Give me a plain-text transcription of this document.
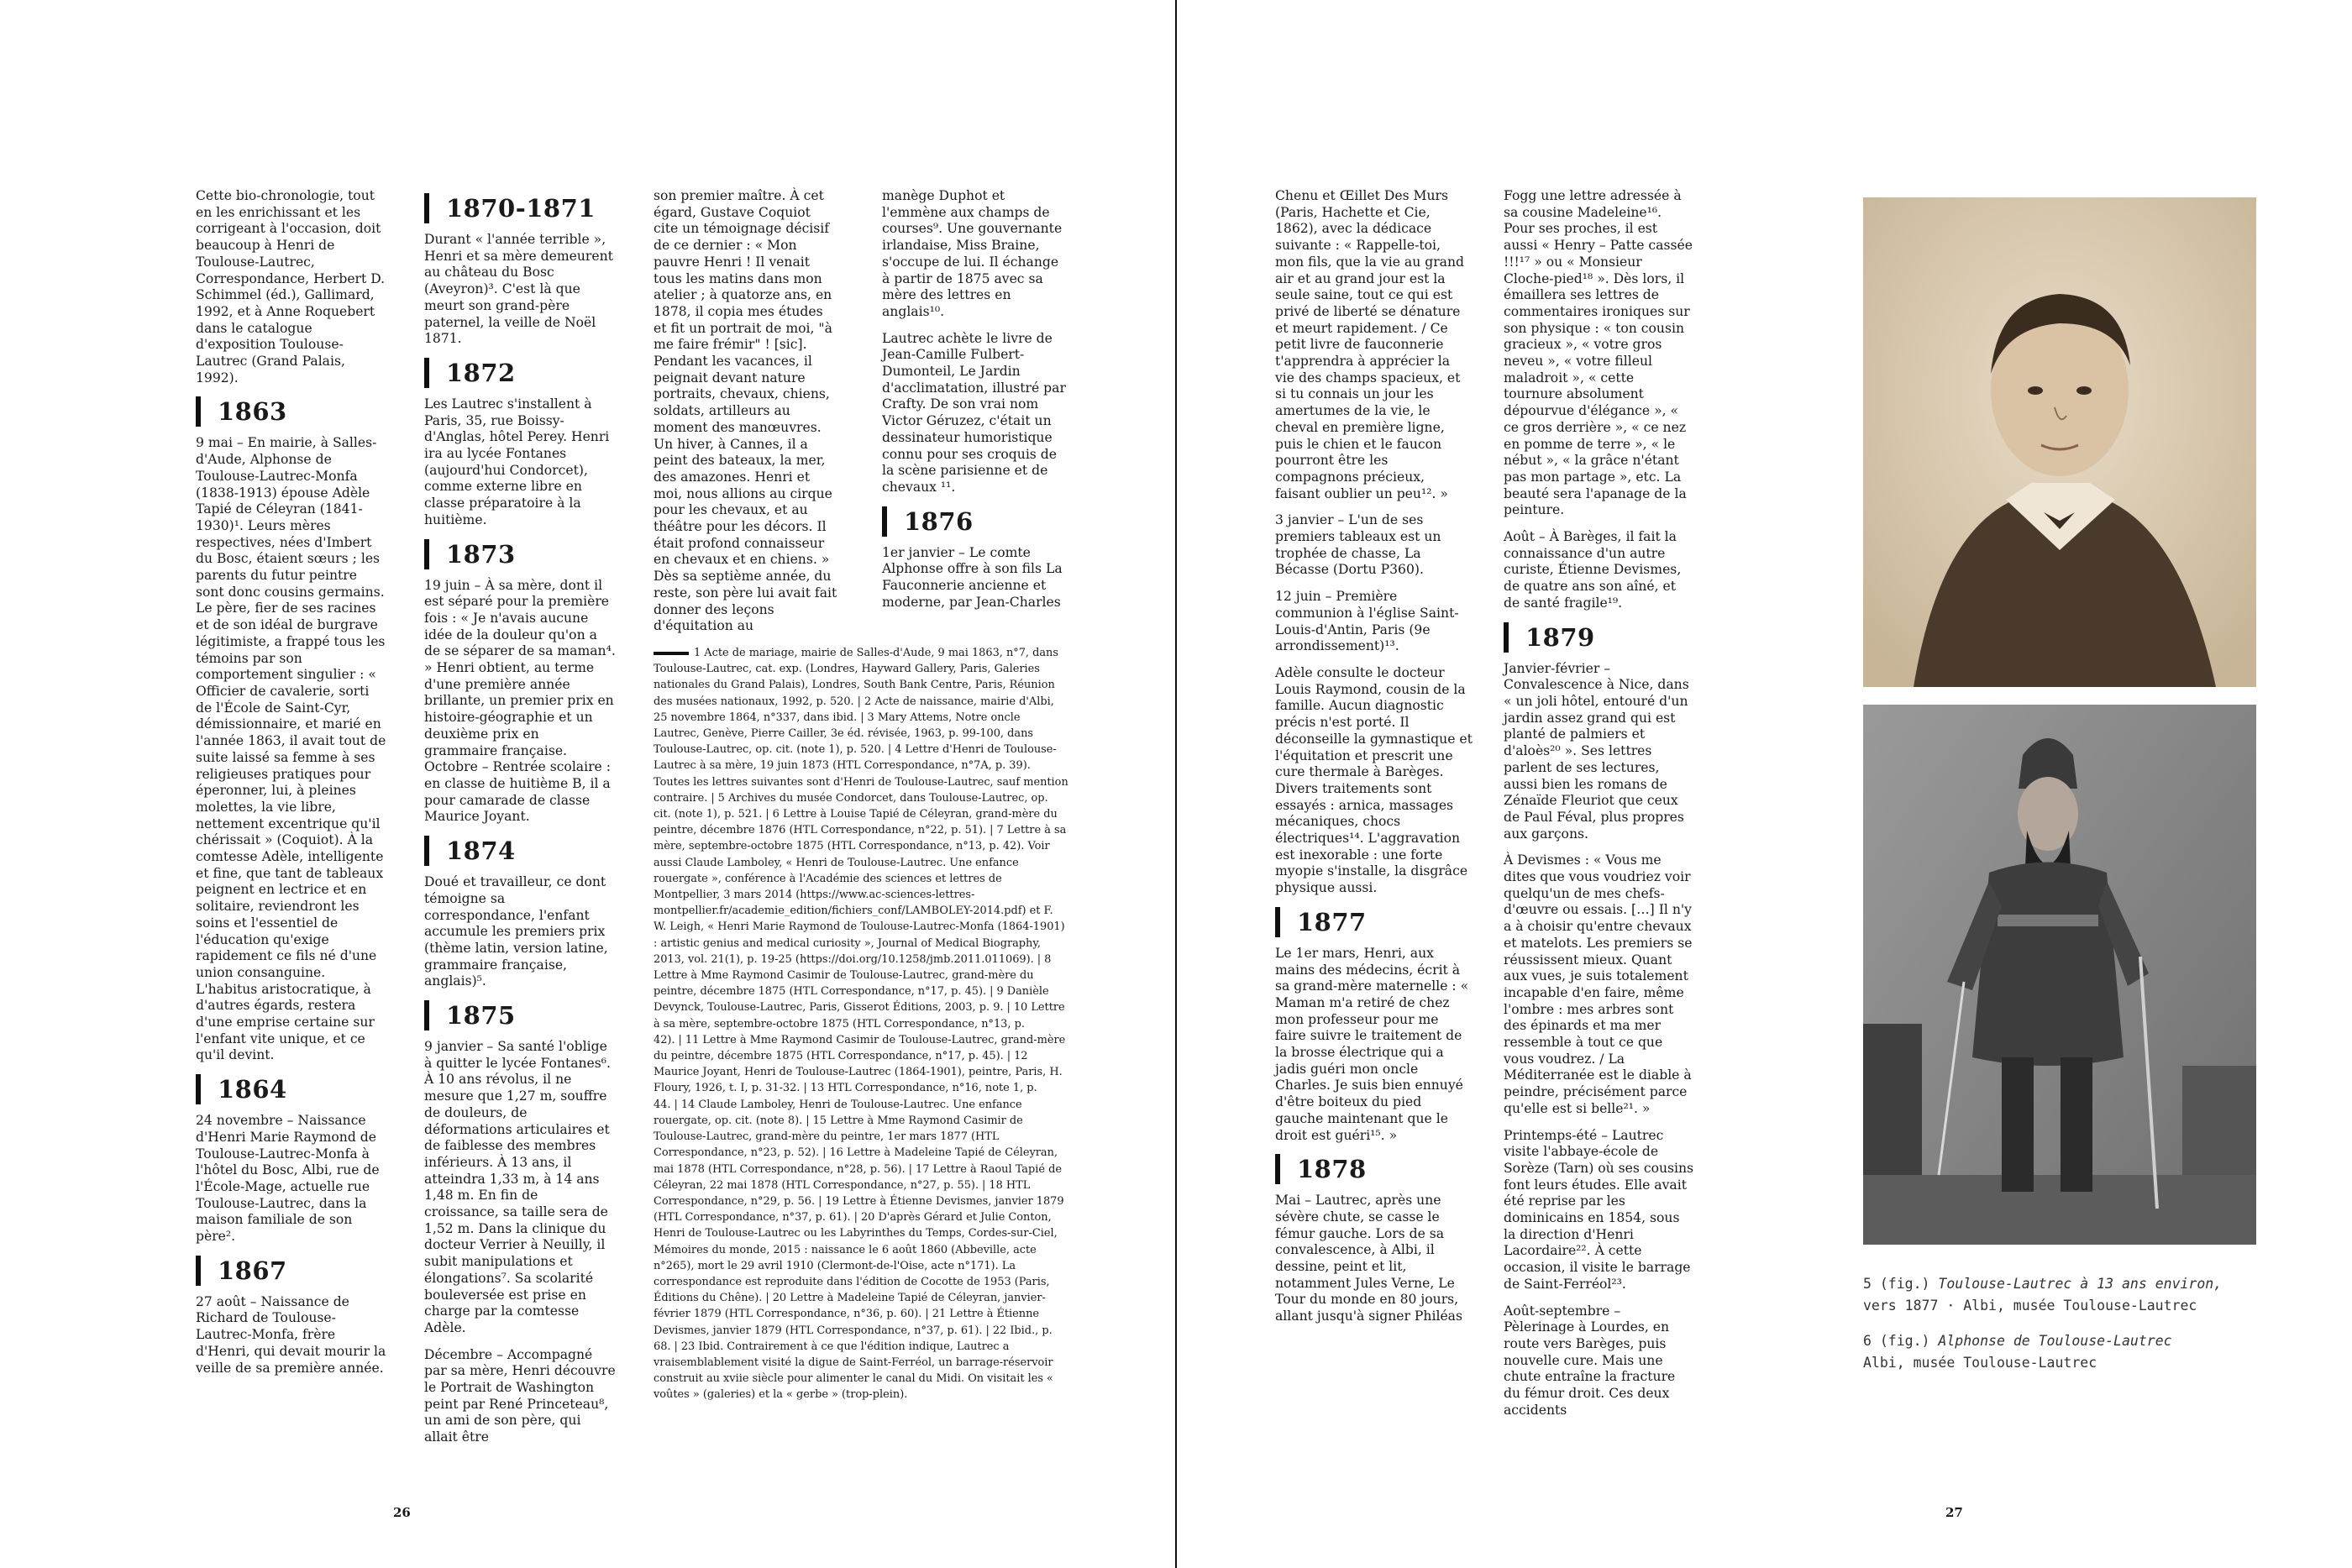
Cette bio-chronologie, tout en les enrichissant et les corrigeant à l'occasion, doit beaucoup à Henri de Toulouse-Lautrec, Correspondance, Herbert D. Schimmel (éd.), Gallimard, 1992, et à Anne Roquebert dans le catalogue d'exposition Toulouse-Lautrec (Grand Palais, 1992).

1863

9 mai – En mairie, à Salles-d'Aude, Alphonse de Toulouse-Lautrec-Monfa (1838-1913) épouse Adèle Tapié de Céleyran (1841-1930)¹. Leurs mères respectives, nées d'Imbert du Bosc, étaient sœurs ; les parents du futur peintre sont donc cousins germains. Le père, fier de ses racines et de son idéal de burgrave légitimiste, a frappé tous les témoins par son comportement singulier : « Officier de cavalerie, sorti de l'École de Saint-Cyr, démissionnaire, et marié en l'année 1863, il avait tout de suite laissé sa femme à ses religieuses pratiques pour éperonner, lui, à pleines molettes, la vie libre, nettement excentrique qu'il chérissait » (Coquiot). À la comtesse Adèle, intelligente et fine, que tant de tableaux peignent en lectrice et en solitaire, reviendront les soins et l'essentiel de l'éducation qu'exige rapidement ce fils né d'une union consanguine. L'habitus aristocratique, à d'autres égards, restera d'une emprise certaine sur l'enfant vite unique, et ce qu'il devint.

1864

24 novembre – Naissance d'Henri Marie Raymond de Toulouse-Lautrec-Monfa à l'hôtel du Bosc, Albi, rue de l'École-Mage, actuelle rue Toulouse-Lautrec, dans la maison familiale de son père².

1867

27 août – Naissance de Richard de Toulouse-Lautrec-Monfa, frère d'Henri, qui devait mourir la veille de sa première année.

1870-1871

Durant « l'année terrible », Henri et sa mère demeurent au château du Bosc (Aveyron)³. C'est là que meurt son grand-père paternel, la veille de Noël 1871.

1872

Les Lautrec s'installent à Paris, 35, rue Boissy-d'Anglas, hôtel Perey. Henri ira au lycée Fontanes (aujourd'hui Condorcet), comme externe libre en classe préparatoire à la huitième.

1873

19 juin – À sa mère, dont il est séparé pour la première fois : « Je n'avais aucune idée de la douleur qu'on a de se séparer de sa maman⁴. » Henri obtient, au terme d'une première année brillante, un premier prix en histoire-géographie et un deuxième prix en grammaire française. Octobre – Rentrée scolaire : en classe de huitième B, il a pour camarade de classe Maurice Joyant.

1874

Doué et travailleur, ce dont témoigne sa correspondance, l'enfant accumule les premiers prix (thème latin, version latine, grammaire française, anglais)⁵.

1875

9 janvier – Sa santé l'oblige à quitter le lycée Fontanes⁶. À 10 ans révolus, il ne mesure que 1,27 m, souffre de douleurs, de déformations articulaires et de faiblesse des membres inférieurs. À 13 ans, il atteindra 1,33 m, à 14 ans 1,48 m. En fin de croissance, sa taille sera de 1,52 m. Dans la clinique du docteur Verrier à Neuilly, il subit manipulations et élongations⁷. Sa scolarité bouleversée est prise en charge par la comtesse Adèle.

Décembre – Accompagné par sa mère, Henri découvre le Portrait de Washington peint par René Princeteau⁸, un ami de son père, qui allait être

son premier maître. À cet égard, Gustave Coquiot cite un témoignage décisif de ce dernier : « Mon pauvre Henri ! Il venait tous les matins dans mon atelier ; à quatorze ans, en 1878, il copia mes études et fit un portrait de moi, "à me faire frémir" ! [sic]. Pendant les vacances, il peignait devant nature portraits, chevaux, chiens, soldats, artilleurs au moment des manœuvres. Un hiver, à Cannes, il a peint des bateaux, la mer, des amazones. Henri et moi, nous allions au cirque pour les chevaux, et au théâtre pour les décors. Il était profond connaisseur en chevaux et en chiens. » Dès sa septième année, du reste, son père lui avait fait donner des leçons d'équitation au

manège Duphot et l'emmène aux champs de courses⁹. Une gouvernante irlandaise, Miss Braine, s'occupe de lui. Il échange à partir de 1875 avec sa mère des lettres en anglais¹⁰.

Lautrec achète le livre de Jean-Camille Fulbert-Dumonteil, Le Jardin d'acclimatation, illustré par Crafty. De son vrai nom Victor Géruzez, c'était un dessinateur humoristique connu pour ses croquis de la scène parisienne et de chevaux ¹¹.

1876

1er janvier – Le comte Alphonse offre à son fils La Fauconnerie ancienne et moderne, par Jean-Charles

1 Acte de mariage, mairie de Salles-d'Aude, 9 mai 1863, n°7, dans Toulouse-Lautrec, cat. exp. (Londres, Hayward Gallery, Paris, Galeries nationales du Grand Palais), Londres, South Bank Centre, Paris, Réunion des musées nationaux, 1992, p. 520. | 2 Acte de naissance, mairie d'Albi, 25 novembre 1864, n°337, dans ibid. | 3 Mary Attems, Notre oncle Lautrec, Genève, Pierre Cailler, 3e éd. révisée, 1963, p. 99-100, dans Toulouse-Lautrec, op. cit. (note 1), p. 520. | 4 Lettre d'Henri de Toulouse-Lautrec à sa mère, 19 juin 1873 (HTL Correspondance, n°7A, p. 39). Toutes les lettres suivantes sont d'Henri de Toulouse-Lautrec, sauf mention contraire. | 5 Archives du musée Condorcet, dans Toulouse-Lautrec, op. cit. (note 1), p. 521. | 6 Lettre à Louise Tapié de Céleyran, grand-mère du peintre, décembre 1876 (HTL Correspondance, n°22, p. 51). | 7 Lettre à sa mère, septembre-octobre 1875 (HTL Correspondance, n°13, p. 42). Voir aussi Claude Lamboley, « Henri de Toulouse-Lautrec. Une enfance rouergate », conférence à l'Académie des sciences et lettres de Montpellier, 3 mars 2014 (https://www.ac-sciences-lettres-montpellier.fr/academie_edition/fichiers_conf/LAMBOLEY-2014.pdf) et F. W. Leigh, « Henri Marie Raymond de Toulouse-Lautrec-Monfa (1864-1901) : artistic genius and medical curiosity », Journal of Medical Biography, 2013, vol. 21(1), p. 19-25 (https://doi.org/10.1258/jmb.2011.011069). | 8 Lettre à Mme Raymond Casimir de Toulouse-Lautrec, grand-mère du peintre, décembre 1875 (HTL Correspondance, n°17, p. 45). | 9 Danièle Devynck, Toulouse-Lautrec, Paris, Gisserot Éditions, 2003, p. 9. | 10 Lettre à sa mère, septembre-octobre 1875 (HTL Correspondance, n°13, p. 42). | 11 Lettre à Mme Raymond Casimir de Toulouse-Lautrec, grand-mère du peintre, décembre 1875 (HTL Correspondance, n°17, p. 45). | 12 Maurice Joyant, Henri de Toulouse-Lautrec (1864-1901), peintre, Paris, H. Floury, 1926, t. I, p. 31-32. | 13 HTL Correspondance, n°16, note 1, p. 44. | 14 Claude Lamboley, Henri de Toulouse-Lautrec. Une enfance rouergate, op. cit. (note 8). | 15 Lettre à Mme Raymond Casimir de Toulouse-Lautrec, grand-mère du peintre, 1er mars 1877 (HTL Correspondance, n°23, p. 52). | 16 Lettre à Madeleine Tapié de Céleyran, mai 1878 (HTL Correspondance, n°28, p. 56). | 17 Lettre à Raoul Tapié de Céleyran, 22 mai 1878 (HTL Correspondance, n°27, p. 55). | 18 HTL Correspondance, n°29, p. 56. | 19 Lettre à Étienne Devismes, janvier 1879 (HTL Correspondance, n°37, p. 61). | 20 D'après Gérard et Julie Conton, Henri de Toulouse-Lautrec ou les Labyrinthes du Temps, Cordes-sur-Ciel, Mémoires du monde, 2015 : naissance le 6 août 1860 (Abbeville, acte n°265), mort le 29 avril 1910 (Clermont-de-l'Oise, acte n°171). La correspondance est reproduite dans l'édition de Cocotte de 1953 (Paris, Éditions du Chêne). | 20 Lettre à Madeleine Tapié de Céleyran, janvier-février 1879 (HTL Correspondance, n°36, p. 60). | 21 Lettre à Étienne Devismes, janvier 1879 (HTL Correspondance, n°37, p. 61). | 22 Ibid., p. 68. | 23 Ibid. Contrairement à ce que l'édition indique, Lautrec a vraisemblablement visité la digue de Saint-Ferréol, un barrage-réservoir construit au xviie siècle pour alimenter le canal du Midi. On visitait les « voûtes » (galeries) et la « gerbe » (trop-plein).
26

Chenu et Œillet Des Murs (Paris, Hachette et Cie, 1862), avec la dédicace suivante : « Rappelle-toi, mon fils, que la vie au grand air et au grand jour est la seule saine, tout ce qui est privé de liberté se dénature et meurt rapidement. / Ce petit livre de fauconnerie t'apprendra à apprécier la vie des champs spacieux, et si tu connais un jour les amertumes de la vie, le cheval en première ligne, puis le chien et le faucon pourront être les compagnons précieux, faisant oublier un peu¹². »

3 janvier – L'un de ses premiers tableaux est un trophée de chasse, La Bécasse (Dortu P360).

12 juin – Première communion à l'église Saint-Louis-d'Antin, Paris (9e arrondissement)¹³.

Adèle consulte le docteur Louis Raymond, cousin de la famille. Aucun diagnostic précis n'est porté. Il déconseille la gymnastique et l'équitation et prescrit une cure thermale à Barèges. Divers traitements sont essayés : arnica, massages mécaniques, chocs électriques¹⁴. L'aggravation est inexorable : une forte myopie s'installe, la disgrâce physique aussi.

1877

Le 1er mars, Henri, aux mains des médecins, écrit à sa grand-mère maternelle : « Maman m'a retiré de chez mon professeur pour me faire suivre le traitement de la brosse électrique qui a jadis guéri mon oncle Charles. Je suis bien ennuyé d'être boiteux du pied gauche maintenant que le droit est guéri¹⁵. »

1878

Mai – Lautrec, après une sévère chute, se casse le fémur gauche. Lors de sa convalescence, à Albi, il dessine, peint et lit, notamment Jules Verne, Le Tour du monde en 80 jours, allant jusqu'à signer Philéas

Fogg une lettre adressée à sa cousine Madeleine¹⁶. Pour ses proches, il est aussi « Henry – Patte cassée !!!¹⁷ » ou « Monsieur Cloche-pied¹⁸ ». Dès lors, il émaillera ses lettres de commentaires ironiques sur son physique : « ton cousin gracieux », « votre gros neveu », « votre filleul maladroit », « cette tournure absolument dépourvue d'élégance », « ce gros derrière », « ce nez en pomme de terre », « le nébut », « la grâce n'étant pas mon partage », etc. La beauté sera l'apanage de la peinture.

Août – À Barèges, il fait la connaissance d'un autre curiste, Étienne Devismes, de quatre ans son aîné, et de santé fragile¹⁹.

1879

Janvier-février – Convalescence à Nice, dans « un joli hôtel, entouré d'un jardin assez grand qui est planté de palmiers et d'aloès²⁰ ». Ses lettres parlent de ses lectures, aussi bien les romans de Zénaïde Fleuriot que ceux de Paul Féval, plus propres aux garçons.

À Devismes : « Vous me dites que vous voudriez voir quelqu'un de mes chefs-d'œuvre ou essais. […] Il n'y a à choisir qu'entre chevaux et matelots. Les premiers se réussissent mieux. Quant aux vues, je suis totalement incapable d'en faire, même l'ombre : mes arbres sont des épinards et ma mer ressemble à tout ce que vous voudrez. / La Méditerranée est le diable à peindre, précisément parce qu'elle est si belle²¹. »

Printemps-été – Lautrec visite l'abbaye-école de Sorèze (Tarn) où ses cousins font leurs études. Elle avait été reprise par les dominicains en 1854, sous la direction d'Henri Lacordaire²². À cette occasion, il visite le barrage de Saint-Ferréol²³.

Août-septembre – Pèlerinage à Lourdes, en route vers Barèges, puis nouvelle cure. Mais une chute entraîne la fracture du fémur droit. Ces deux accidents

5 (fig.) Toulouse-Lautrec à 13 ans environ,
vers 1877 · Albi, musée Toulouse-Lautrec
6 (fig.) Alphonse de Toulouse-Lautrec
Albi, musée Toulouse-Lautrec
27
